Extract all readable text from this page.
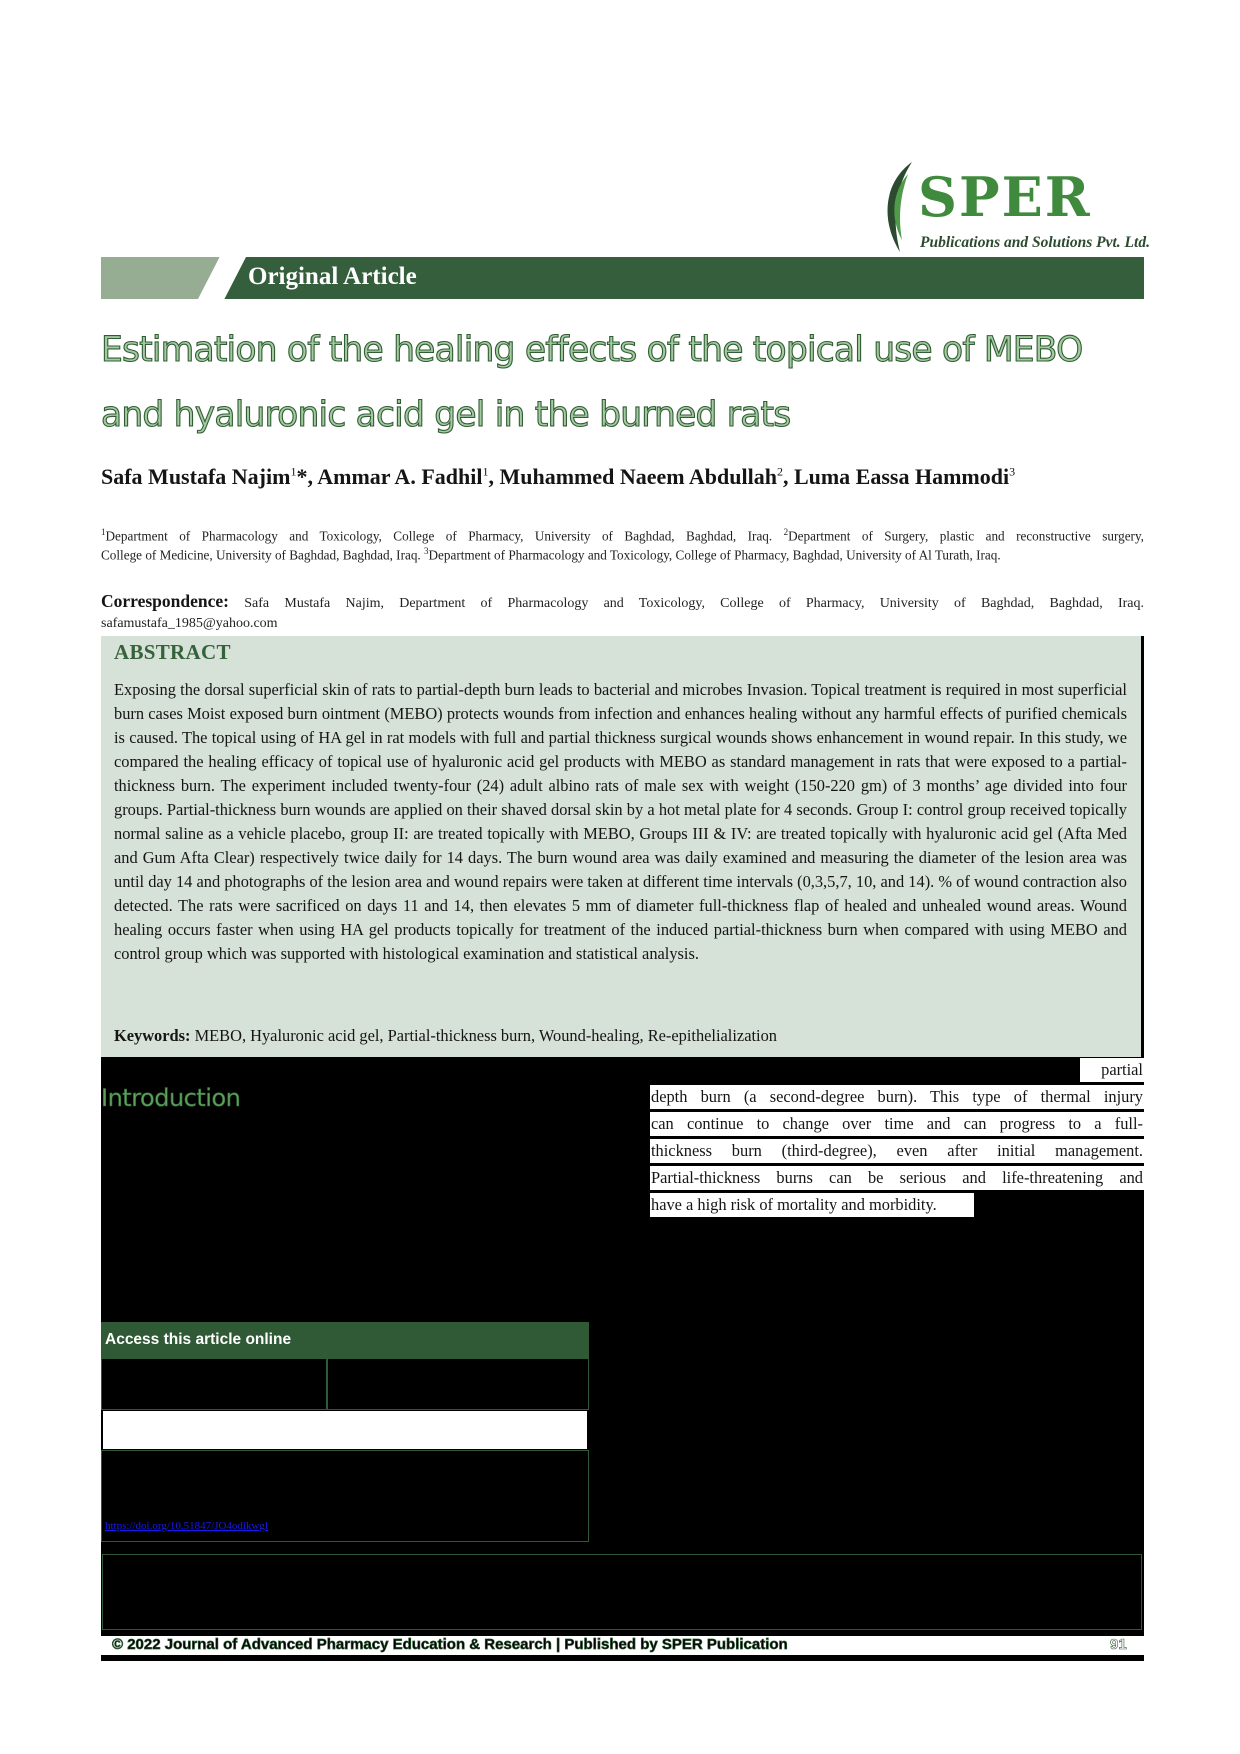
SPER
Publications and Solutions Pvt. Ltd.
Original Article
Estimation of the healing effects of the topical use of MEBO and hyaluronic acid gel in the burned rats
Safa Mustafa Najim$^1$*, Ammar A. Fadhil$^1$, Muhammed Naeem Abdullah$^2$, Luma Eassa Hammodi$^3$
$^1$Department of Pharmacology and Toxicology, College of Pharmacy, University of Baghdad, Baghdad, Iraq. $^2$Department of Surgery, plastic and reconstructive surgery,
College of Medicine, University of Baghdad, Baghdad, Iraq. $^3$Department of Pharmacology and Toxicology, College of Pharmacy, Baghdad, University of Al Turath, Iraq.
Correspondence: Safa Mustafa Najim, Department of Pharmacology and Toxicology, College of Pharmacy, University of Baghdad, Baghdad, Iraq.
safamustafa_1985@yahoo.com
ABSTRACT

Exposing the dorsal superficial skin of rats to partial-depth burn leads to bacterial and microbes Invasion. Topical treatment is required in most superficial burn cases Moist exposed burn ointment (MEBO) protects wounds from infection and enhances healing without any harmful effects of purified chemicals is caused. The topical using of HA gel in rat models with full and partial thickness surgical wounds shows enhancement in wound repair. In this study, we compared the healing efficacy of topical use of hyaluronic acid gel products with MEBO as standard management in rats that were exposed to a partial-thickness burn. The experiment included twenty-four (24) adult albino rats of male sex with weight (150-220 gm) of 3 months’ age divided into four groups. Partial-thickness burn wounds are applied on their shaved dorsal skin by a hot metal plate for 4 seconds. Group I: control group received topically normal saline as a vehicle placebo, group II: are treated topically with MEBO, Groups III & IV: are treated topically with hyaluronic acid gel (Afta Med and Gum Afta Clear) respectively twice daily for 14 days. The burn wound area was daily examined and measuring the diameter of the lesion area was until day 14 and photographs of the lesion area and wound repairs were taken at different time intervals (0,3,5,7, 10, and 14). % of wound contraction also detected. The rats were sacrificed on days 11 and 14, then elevates 5 mm of diameter full-thickness flap of healed and unhealed wound areas. Wound healing occurs faster when using HA gel products topically for treatment of the induced partial-thickness burn when compared with using MEBO and control group which was supported with histological examination and statistical analysis.

Keywords: MEBO, Hyaluronic acid gel, Partial-thickness burn, Wound-healing, Re-epithelialization

Introduction
partial
depth burn (a second-degree burn). This type of thermal injury
can continue to change over time and can progress to a full-
thickness burn (third-degree), even after initial management.
Partial-thickness burns can be serious and life-threatening and
have a high risk of mortality and morbidity.
Access this article online
https://doi.org/10.51847/JO4odikwgl
© 2022 Journal of Advanced Pharmacy Education & Research | Published by SPER Publication	91
